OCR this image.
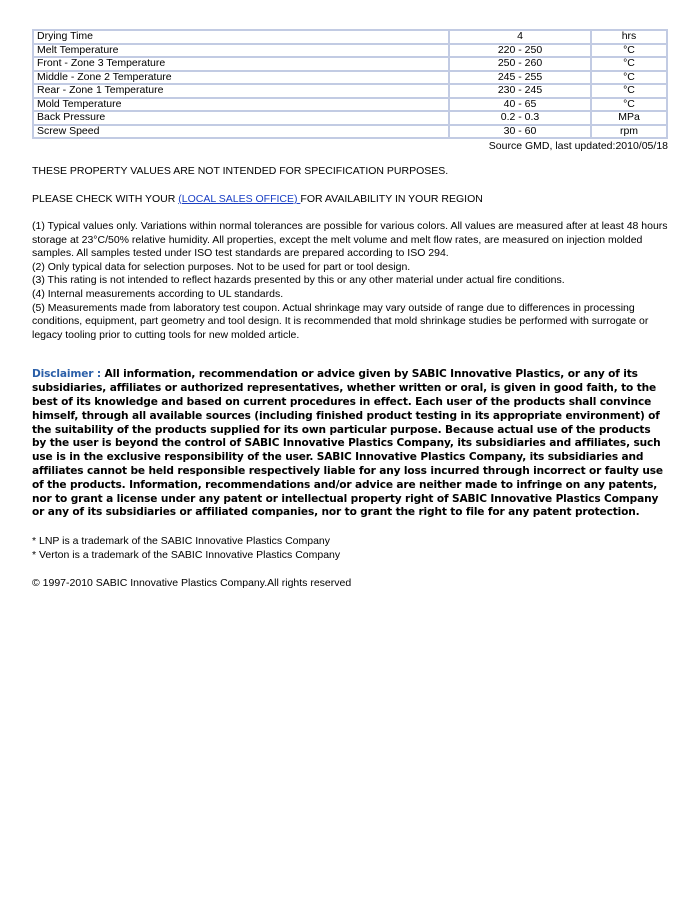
Drying Time	4	hrs
Melt Temperature	220 - 250	°C
Front - Zone 3 Temperature	250 - 260	°C
Middle - Zone 2 Temperature	245 - 255	°C
Rear - Zone 1 Temperature	230 - 245	°C
Mold Temperature	40 - 65	°C
Back Pressure	0.2 - 0.3	MPa
Screw Speed	30 - 60	rpm
Source GMD, last updated:2010/05/18

THESE PROPERTY VALUES ARE NOT INTENDED FOR SPECIFICATION PURPOSES.

PLEASE CHECK WITH YOUR (LOCAL SALES OFFICE) FOR AVAILABILITY IN YOUR REGION

(1) Typical values only. Variations within normal tolerances are possible for various colors. All values are measured after at least 48 hours storage at 23°C/50% relative humidity. All properties, except the melt volume and melt flow rates, are measured on injection molded samples. All samples tested under ISO test standards are prepared according to ISO 294.
(2) Only typical data for selection purposes. Not to be used for part or tool design.
(3) This rating is not intended to reflect hazards presented by this or any other material under actual fire conditions.
(4) Internal measurements according to UL standards.
(5) Measurements made from laboratory test coupon. Actual shrinkage may vary outside of range due to differences in processing conditions, equipment, part geometry and tool design. It is recommended that mold shrinkage studies be performed with surrogate or legacy tooling prior to cutting tools for new molded article.
Disclaimer : All information, recommendation or advice given by SABIC Innovative Plastics, or any of its subsidiaries, affiliates or authorized representatives, whether written or oral, is given in good faith, to the best of its knowledge and based on current procedures in effect. Each user of the products shall convince himself, through all available sources (including finished product testing in its appropriate environment) of the suitability of the products supplied for its own particular purpose. Because actual use of the products by the user is beyond the control of SABIC Innovative Plastics Company, its subsidiaries and affiliates, such use is in the exclusive responsibility of the user. SABIC Innovative Plastics Company, its subsidiaries and affiliates cannot be held responsible respectively liable for any loss incurred through incorrect or faulty use of the products. Information, recommendations and/or advice are neither made to infringe on any patents, nor to grant a license under any patent or intellectual property right of SABIC Innovative Plastics Company or any of its subsidiaries or affiliated companies, nor to grant the right to file for any patent protection.
* LNP is a trademark of the SABIC Innovative Plastics Company
* Verton is a trademark of the SABIC Innovative Plastics Company
© 1997-2010 SABIC Innovative Plastics Company.All rights reserved
